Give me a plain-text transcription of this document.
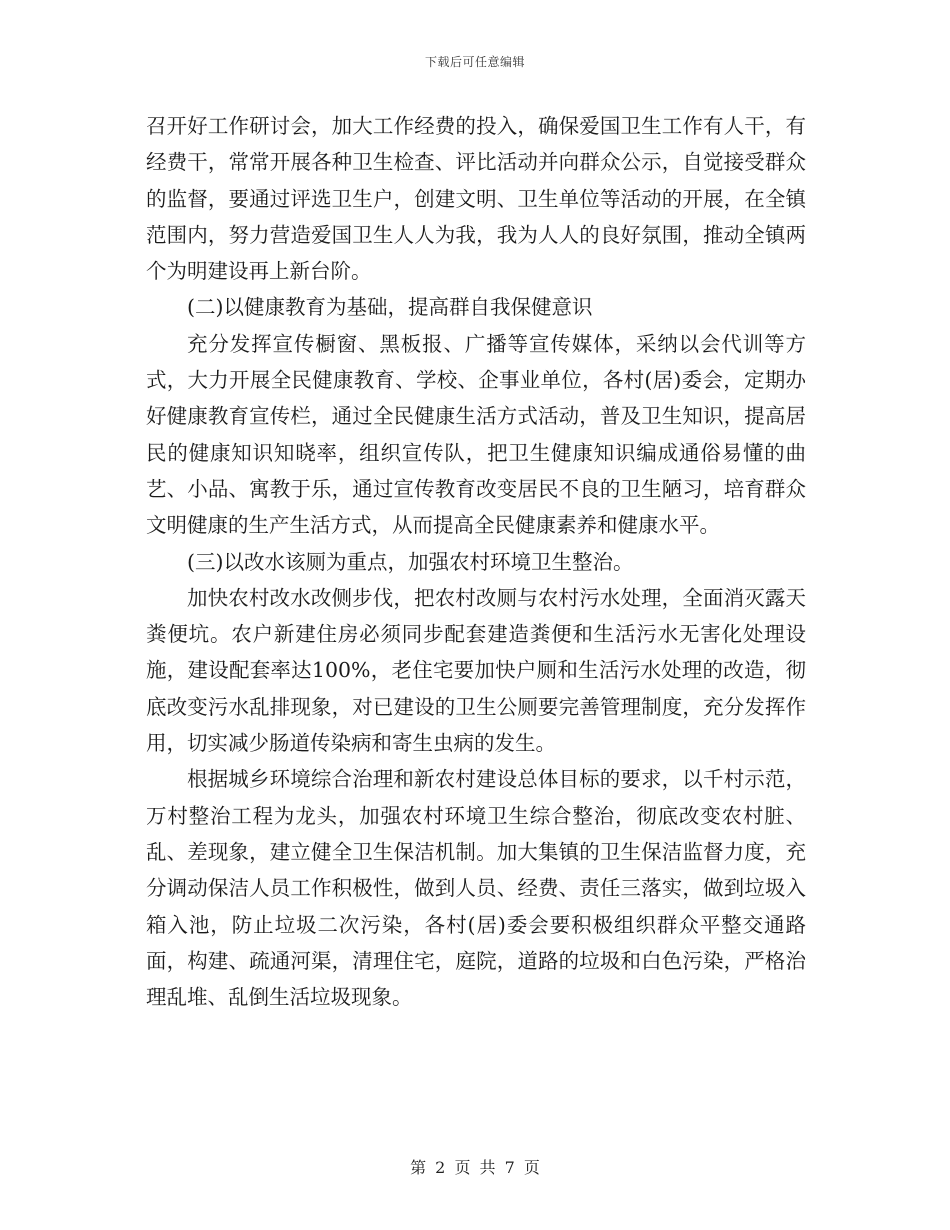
下载后可任意编辑

召开好工作研讨会，加大工作经费的投入，确保爱国卫生工作有人干，有经费干，常常开展各种卫生检查、评比活动并向群众公示，自觉接受群众的监督，要通过评选卫生户，创建文明、卫生单位等活动的开展，在全镇范围内，努力营造爱国卫生人人为我，我为人人的良好氛围，推动全镇两个为明建设再上新台阶。

(二)以健康教育为基础，提高群自我保健意识

充分发挥宣传橱窗、黑板报、广播等宣传媒体，采纳以会代训等方式，大力开展全民健康教育、学校、企事业单位，各村(居)委会，定期办好健康教育宣传栏，通过全民健康生活方式活动，普及卫生知识，提高居民的健康知识知晓率，组织宣传队，把卫生健康知识编成通俗易懂的曲艺、小品、寓教于乐，通过宣传教育改变居民不良的卫生陋习，培育群众文明健康的生产生活方式，从而提高全民健康素养和健康水平。

(三)以改水该厕为重点，加强农村环境卫生整治。

加快农村改水改侧步伐，把农村改厕与农村污水处理，全面消灭露天粪便坑。农户新建住房必须同步配套建造粪便和生活污水无害化处理设施，建设配套率达100%，老住宅要加快户厕和生活污水处理的改造，彻底改变污水乱排现象，对已建设的卫生公厕要完善管理制度，充分发挥作用，切实减少肠道传染病和寄生虫病的发生。

根据城乡环境综合治理和新农村建设总体目标的要求，以千村示范，万村整治工程为龙头，加强农村环境卫生综合整治，彻底改变农村脏、乱、差现象，建立健全卫生保洁机制。加大集镇的卫生保洁监督力度，充分调动保洁人员工作积极性，做到人员、经费、责任三落实，做到垃圾入箱入池，防止垃圾二次污染，各村(居)委会要积极组织群众平整交通路面，构建、疏通河渠，清理住宅，庭院，道路的垃圾和白色污染，严格治理乱堆、乱倒生活垃圾现象。

第 2 页 共 7 页
